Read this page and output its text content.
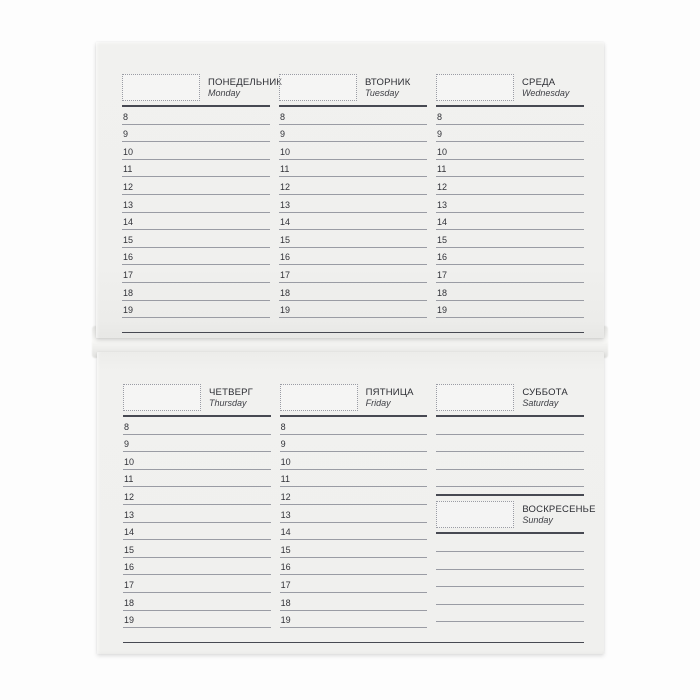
ПОНЕДЕЛЬНИК
Monday
8
9
10
11
12
13
14
15
16
17
18
19
ВТОРНИК
Tuesday
8
9
10
11
12
13
14
15
16
17
18
19
СРЕДА
Wednesday
8
9
10
11
12
13
14
15
16
17
18
19
ЧЕТВЕРГ
Thursday
8
9
10
11
12
13
14
15
16
17
18
19
ПЯТНИЦА
Friday
8
9
10
11
12
13
14
15
16
17
18
19
СУББОТА
Saturday
ВОСКРЕСЕНЬЕ
Sunday
